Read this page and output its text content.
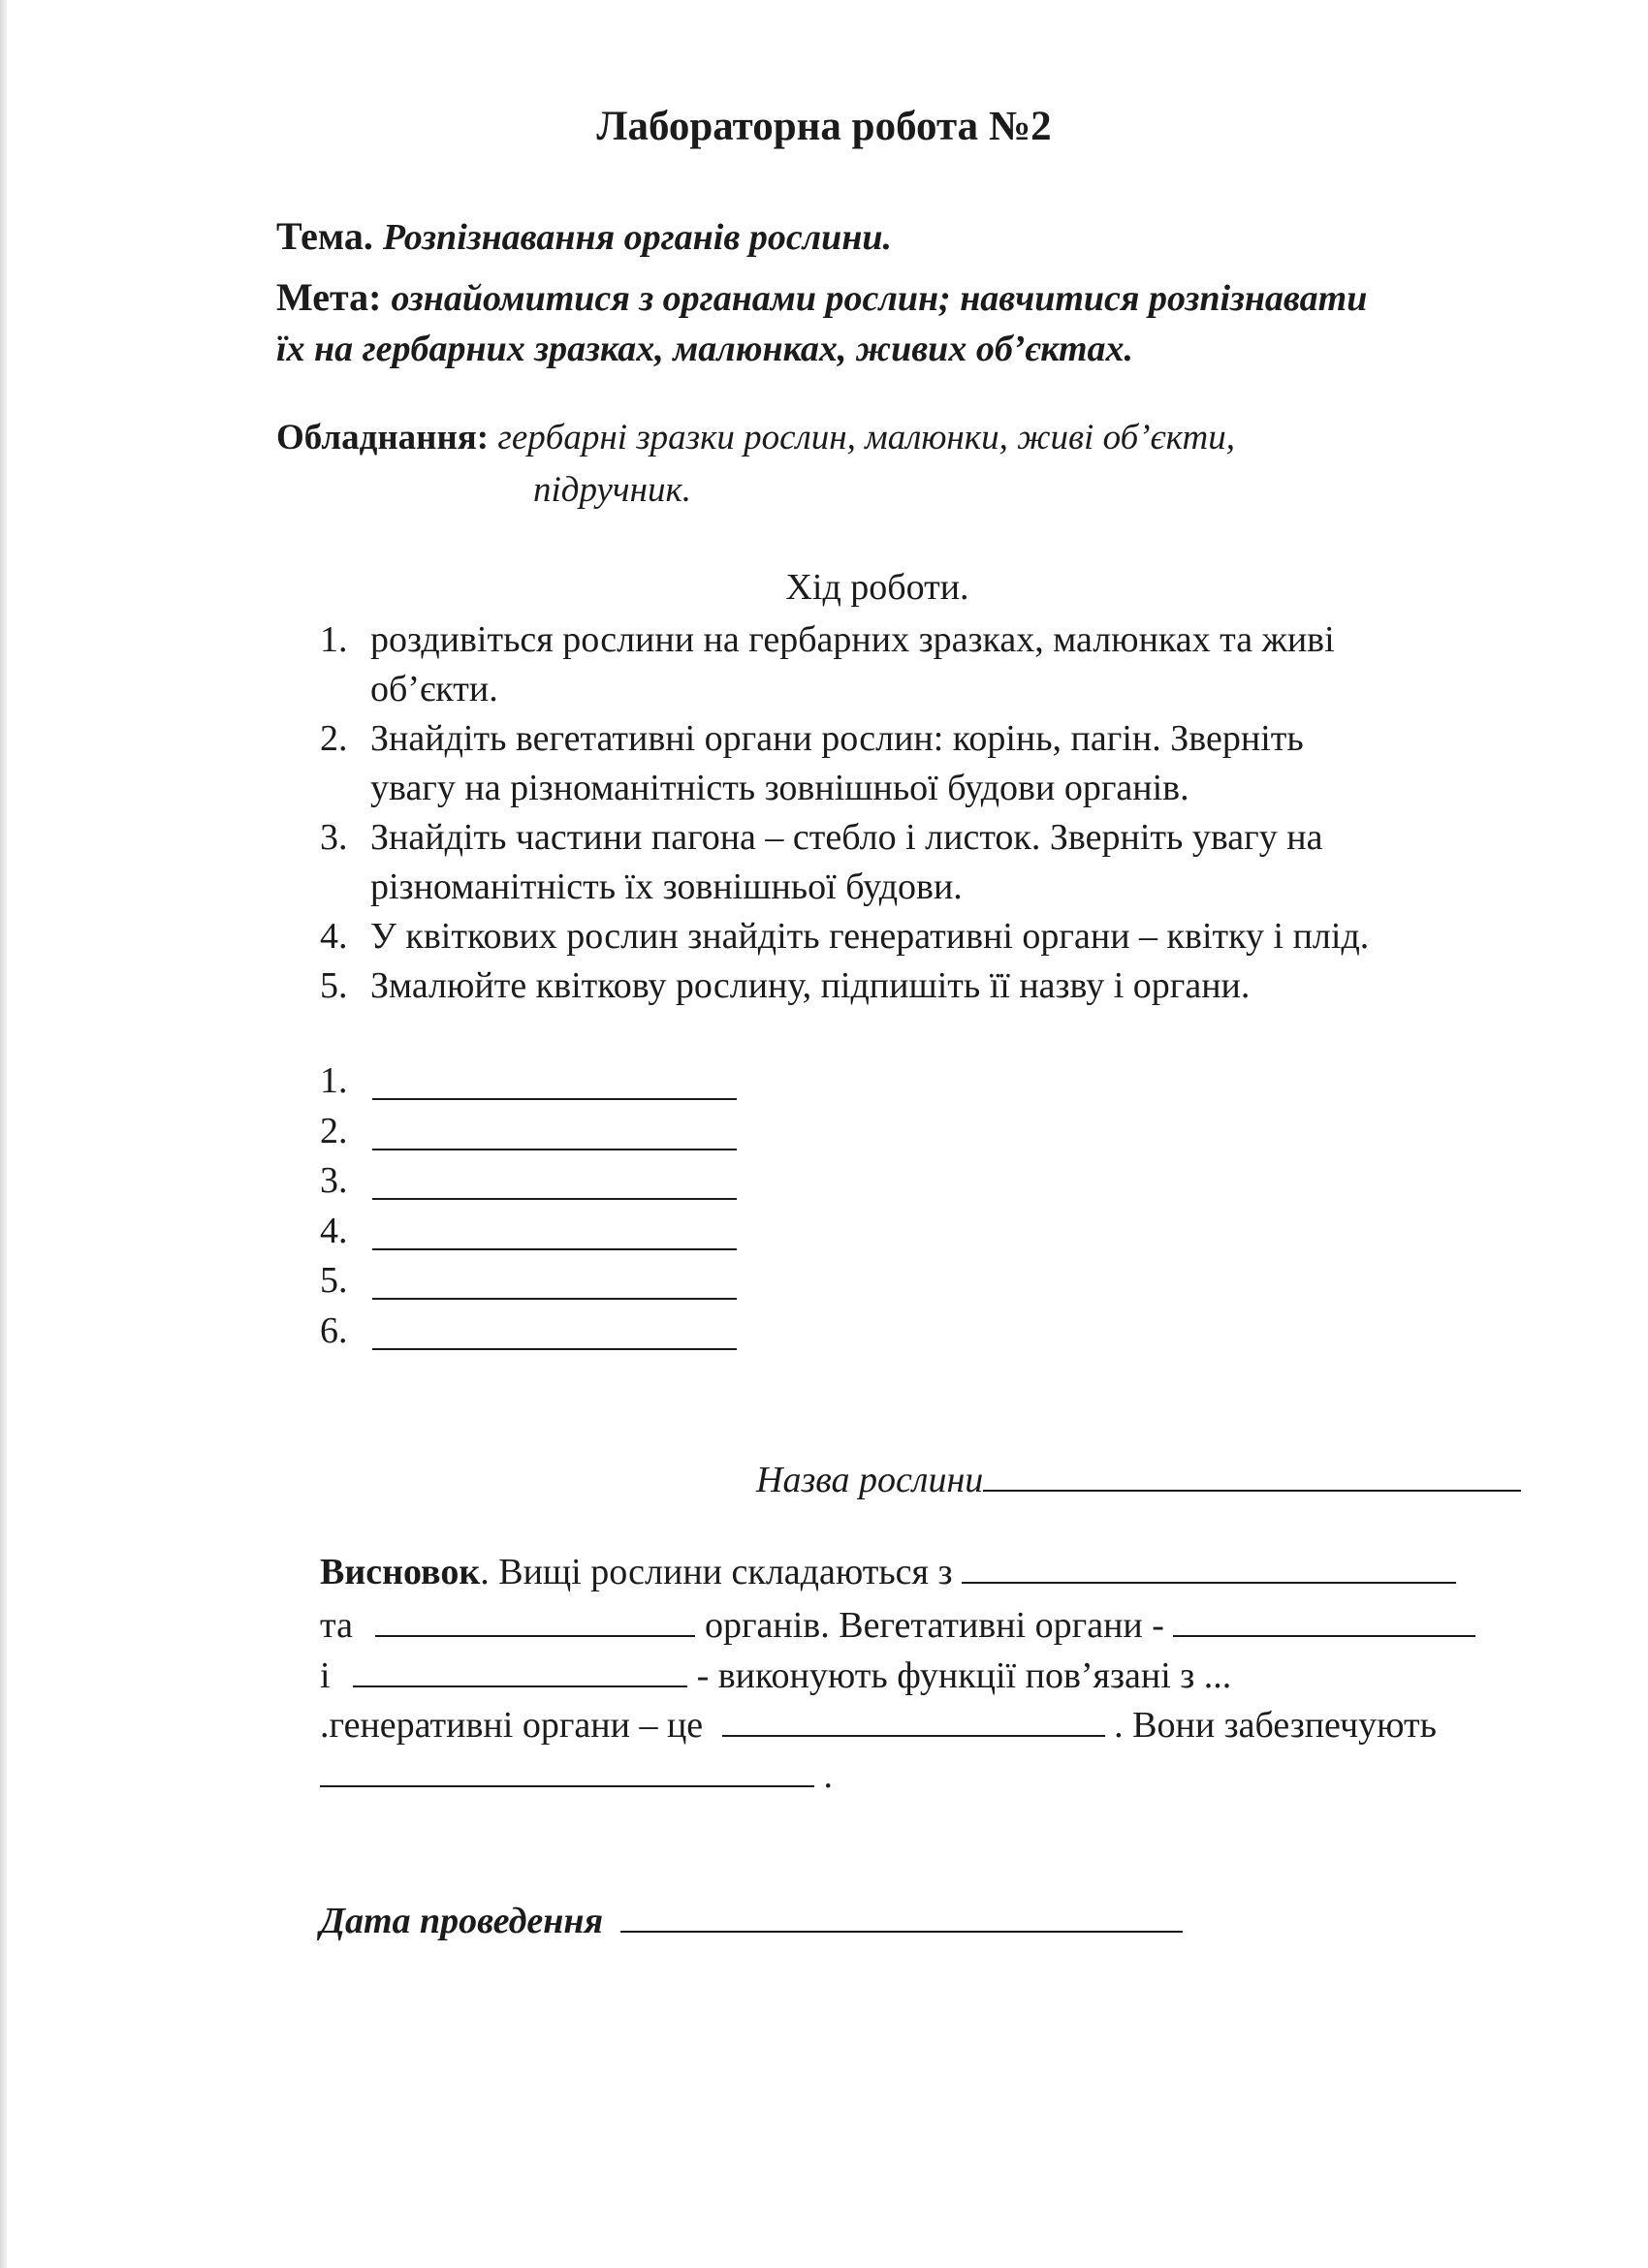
Лабораторна робота №2
Тема. Розпізнавання органів рослини.
Мета: ознайомитися з органами рослин; навчитися розпізнавати
їх на гербарних зразках, малюнках, живих об’єктах.
Обладнання: гербарні зразки рослин, малюнки, живі об’єкти,
підручник.
Хід роботи.
1. роздивіться рослини на гербарних зразках, малюнках та живі
об’єкти.
2. Знайдіть вегетативні органи рослин: корінь, пагін. Зверніть
увагу на різноманітність зовнішньої будови органів.
3. Знайдіть частини пагона – стебло і листок. Зверніть увагу на
різноманітність їх зовнішньої будови.
4. У квіткових рослин знайдіть генеративні органи – квітку і плід.
5. Змалюйте квіткову рослину, підпишіть її назву і органи.
1.
2.
3.
4.
5.
6.
Назва рослини
Висновок. Вищі рослини складаються з
та	органів. Вегетативні органи -
і	- виконують функції пов’язані з ...
.генеративні органи – це	. Вони забезпечують
.
Дата проведення
